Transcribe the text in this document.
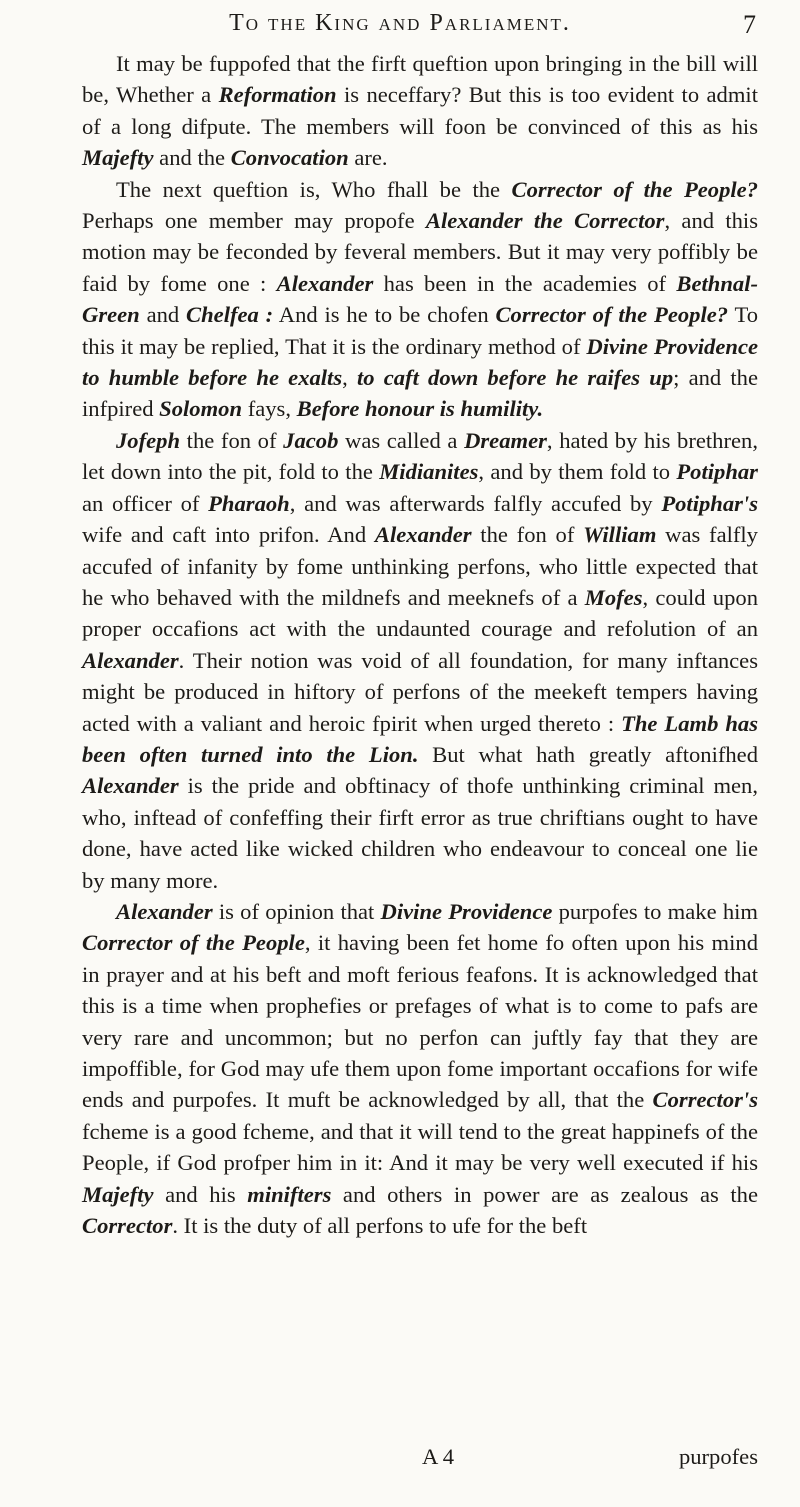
To the King and Parliament.	7

It may be fuppofed that the firft queftion upon bringing in the bill will be, Whether a Reformation is neceffary? But this is too evident to admit of a long difpute. The members will foon be convinced of this as his Majefty and the Convocation are.

The next queftion is, Who fhall be the Corrector of the People? Perhaps one member may propofe Alexander the Corrector, and this motion may be feconded by feveral members. But it may very poffibly be faid by fome one : Alexander has been in the academies of Bethnal-Green and Chelfea : And is he to be chofen Corrector of the People? To this it may be replied, That it is the ordinary method of Divine Providence to humble before he exalts, to caft down before he raifes up; and the infpired Solomon fays, Before honour is humility.

Jofeph the fon of Jacob was called a Dreamer, hated by his brethren, let down into the pit, fold to the Midianites, and by them fold to Potiphar an officer of Pharaoh, and was afterwards falfly accufed by Potiphar's wife and caft into prifon. And Alexander the fon of William was falfly accufed of infanity by fome unthinking perfons, who little expected that he who behaved with the mildnefs and meeknefs of a Mofes, could upon proper occafions act with the undaunted courage and refolution of an Alexander. Their notion was void of all foundation, for many inftances might be produced in hiftory of perfons of the meekeft tempers having acted with a valiant and heroic fpirit when urged thereto : The Lamb has been often turned into the Lion. But what hath greatly aftonifhed Alexander is the pride and obftinacy of thofe unthinking criminal men, who, inftead of confeffing their firft error as true chriftians ought to have done, have acted like wicked children who endeavour to conceal one lie by many more.

Alexander is of opinion that Divine Providence purpofes to make him Corrector of the People, it having been fet home fo often upon his mind in prayer and at his beft and moft ferious feafons. It is acknowledged that this is a time when prophefies or prefages of what is to come to pafs are very rare and uncommon; but no perfon can juftly fay that they are impoffible, for God may ufe them upon fome important occafions for wife ends and purpofes. It muft be acknowledged by all, that the Corrector's fcheme is a good fcheme, and that it will tend to the great happinefs of the People, if God profper him in it: And it may be very well executed if his Majefty and his minifters and others in power are as zealous as the Corrector. It is the duty of all perfons to ufe for the beft

A 4	purpofes
